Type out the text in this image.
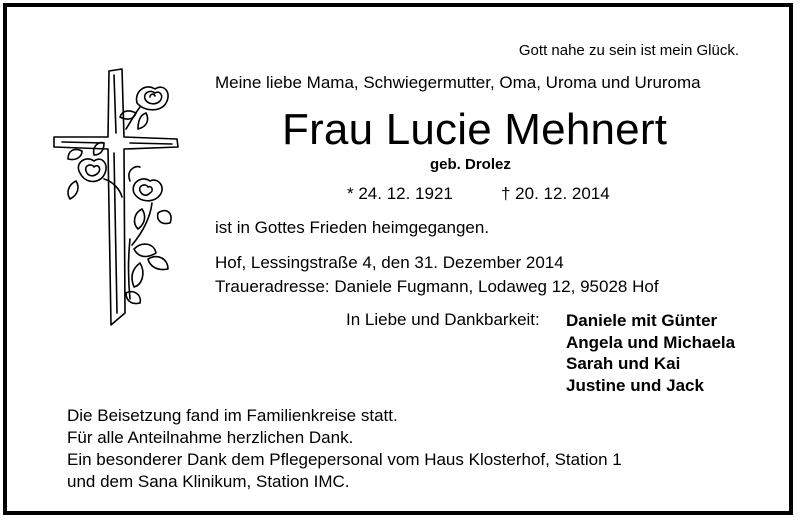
Gott nahe zu sein ist mein Glück.
Meine liebe Mama, Schwiegermutter, Oma, Uroma und Ururoma
Frau Lucie Mehnert
geb. Drolez
* 24. 12. 1921	† 20. 12. 2014
ist in Gottes Frieden heimgegangen.
Hof, Lessingstraße 4, den 31. Dezember 2014
Traueradresse: Daniele Fugmann, Lodaweg 12, 95028 Hof
In Liebe und Dankbarkeit: Daniele mit Günter
Angela und Michaela
Sarah und Kai
Justine und Jack
Die Beisetzung fand im Familienkreise statt.
Für alle Anteilnahme herzlichen Dank.
Ein besonderer Dank dem Pflegepersonal vom Haus Klosterhof, Station 1
und dem Sana Klinikum, Station IMC.
